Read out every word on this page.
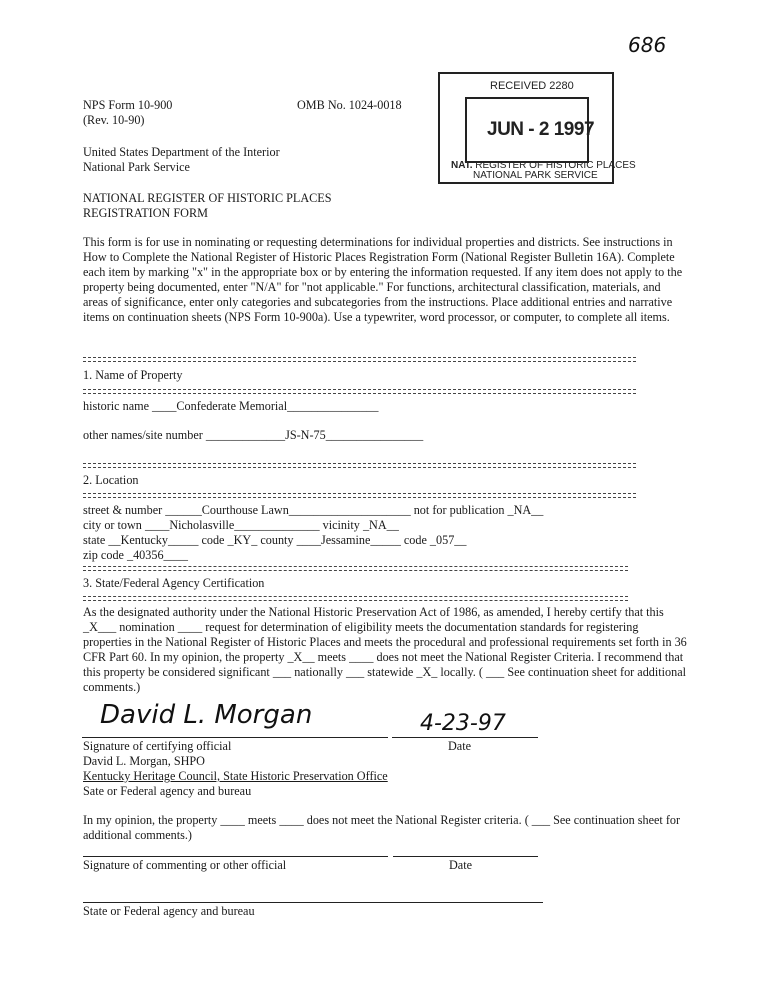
686
RECEIVED 2280
JUN - 2 1997
NAT. REGISTER OF HISTORIC PLACES
NATIONAL PARK SERVICE
NPS Form 10-900
(Rev. 10-90)
OMB No. 1024-0018
United States Department of the Interior
National Park Service
NATIONAL REGISTER OF HISTORIC PLACES
REGISTRATION FORM
This form is for use in nominating or requesting determinations for individual properties and districts. See instructions in How to Complete the National Register of Historic Places Registration Form (National Register Bulletin 16A). Complete each item by marking "x" in the appropriate box or by entering the information requested. If any item does not apply to the property being documented, enter "N/A" for "not applicable." For functions, architectural classification, materials, and areas of significance, enter only categories and subcategories from the instructions. Place additional entries and narrative items on continuation sheets (NPS Form 10-900a). Use a typewriter, word processor, or computer, to complete all items.
1. Name of Property
historic name ____Confederate Memorial_______________
other names/site number _____________JS-N-75________________
2. Location
street & number ______Courthouse Lawn____________________ not for publication _NA__
city or town ____Nicholasville______________ vicinity _NA__
state __Kentucky_____ code _KY_ county ____Jessamine_____ code _057__
zip code _40356____
3. State/Federal Agency Certification
As the designated authority under the National Historic Preservation Act of 1986, as amended, I hereby certify that this _X___ nomination ____ request for determination of eligibility meets the documentation standards for registering properties in the National Register of Historic Places and meets the procedural and professional requirements set forth in 36 CFR Part 60. In my opinion, the property _X__ meets ____ does not meet the National Register Criteria. I recommend that this property be considered significant ___ nationally ___ statewide _X_ locally. ( ___ See continuation sheet for additional comments.)
David L. Morgan	4-23-97
Signature of certifying official	Date
David L. Morgan, SHPO
Kentucky Heritage Council, State Historic Preservation Office
Sate or Federal agency and bureau
In my opinion, the property ____ meets ____ does not meet the National Register criteria. ( ___ See continuation sheet for additional comments.)
Signature of commenting or other official	Date
State or Federal agency and bureau
